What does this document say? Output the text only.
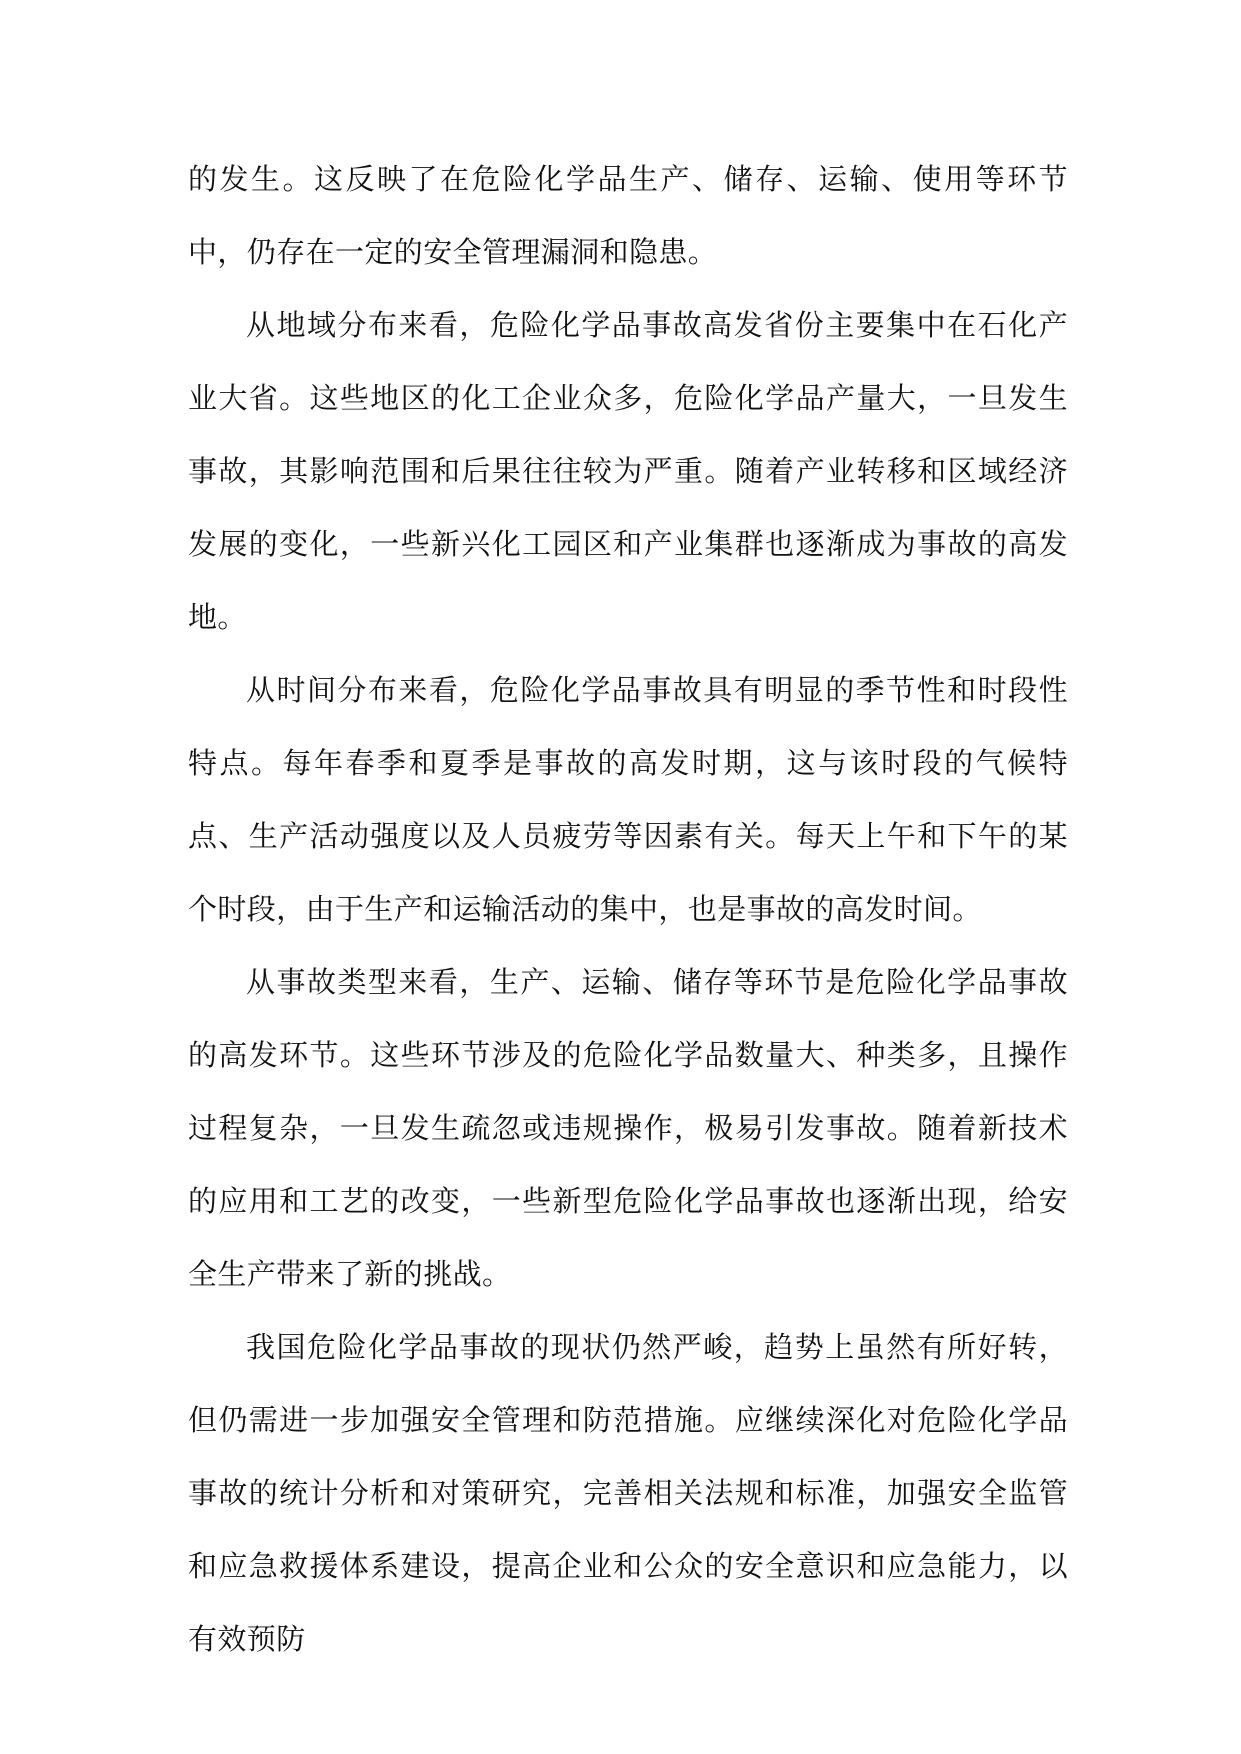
的发生。这反映了在危险化学品生产、储存、运输、使用等环节中，仍存在一定的安全管理漏洞和隐患。

从地域分布来看，危险化学品事故高发省份主要集中在石化产业大省。这些地区的化工企业众多，危险化学品产量大，一旦发生事故，其影响范围和后果往往较为严重。随着产业转移和区域经济发展的变化，一些新兴化工园区和产业集群也逐渐成为事故的高发地。

从时间分布来看，危险化学品事故具有明显的季节性和时段性特点。每年春季和夏季是事故的高发时期，这与该时段的气候特点、生产活动强度以及人员疲劳等因素有关。每天上午和下午的某个时段，由于生产和运输活动的集中，也是事故的高发时间。

从事故类型来看，生产、运输、储存等环节是危险化学品事故的高发环节。这些环节涉及的危险化学品数量大、种类多，且操作过程复杂，一旦发生疏忽或违规操作，极易引发事故。随着新技术的应用和工艺的改变，一些新型危险化学品事故也逐渐出现，给安全生产带来了新的挑战。

我国危险化学品事故的现状仍然严峻，趋势上虽然有所好转，但仍需进一步加强安全管理和防范措施。应继续深化对危险化学品事故的统计分析和对策研究，完善相关法规和标准，加强安全监管和应急救援体系建设，提高企业和公众的安全意识和应急能力，以有效预防
